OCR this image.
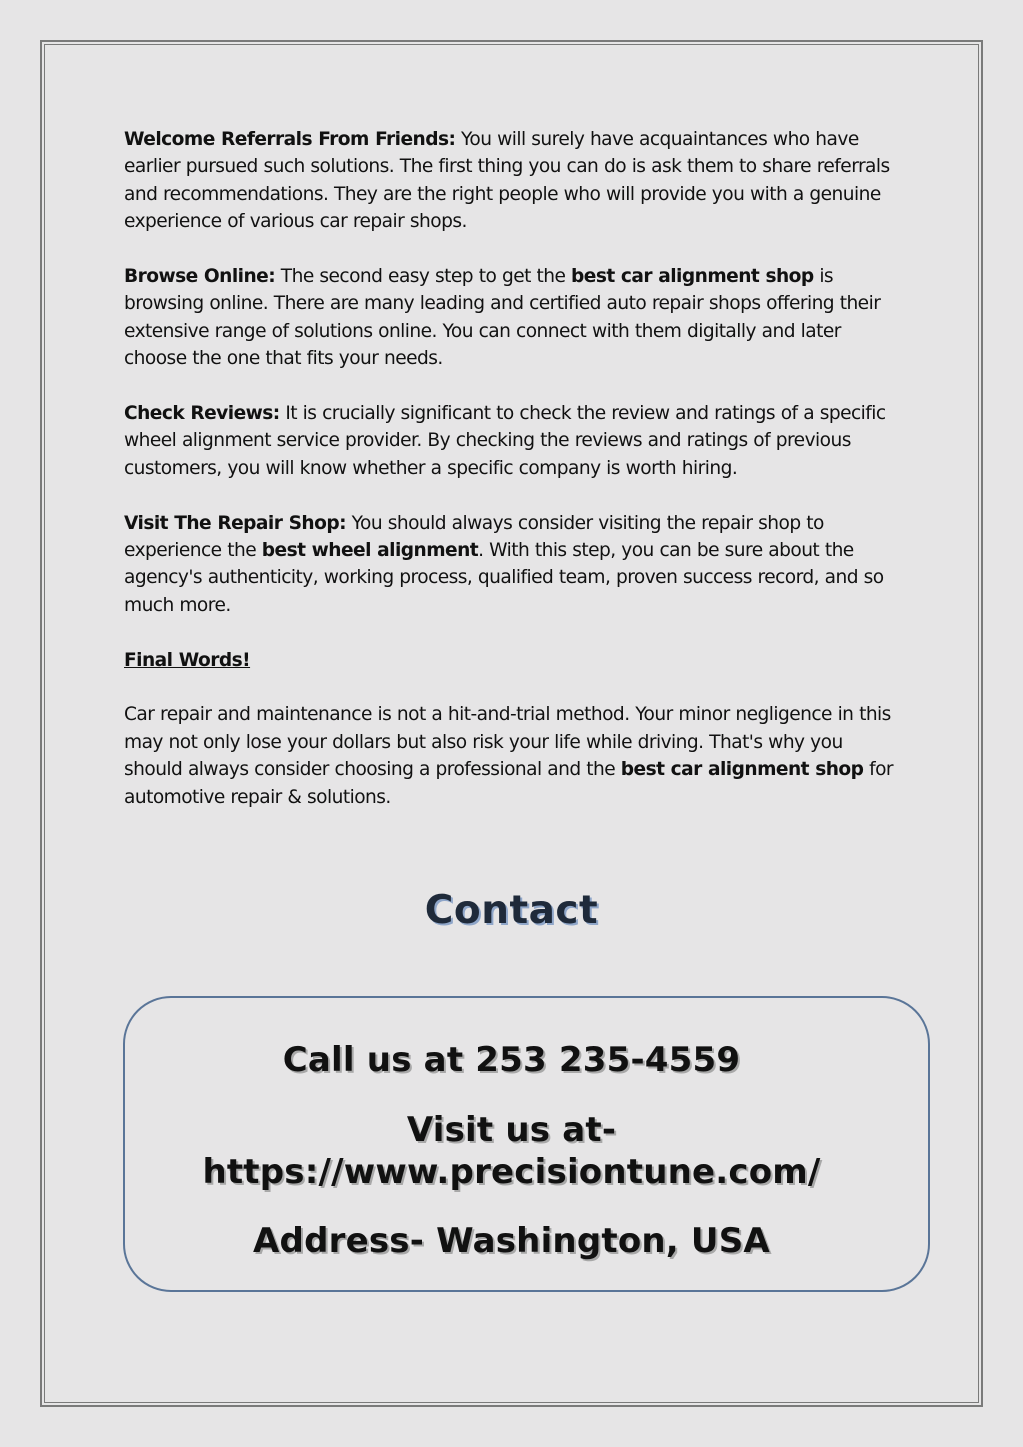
Welcome Referrals From Friends: You will surely have acquaintances who have earlier pursued such solutions. The first thing you can do is ask them to share referrals and recommendations. They are the right people who will provide you with a genuine experience of various car repair shops.

Browse Online: The second easy step to get the best car alignment shop is browsing online. There are many leading and certified auto repair shops offering their extensive range of solutions online. You can connect with them digitally and later choose the one that fits your needs.

Check Reviews: It is crucially significant to check the review and ratings of a specific wheel alignment service provider. By checking the reviews and ratings of previous customers, you will know whether a specific company is worth hiring.

Visit The Repair Shop: You should always consider visiting the repair shop to experience the best wheel alignment. With this step, you can be sure about the agency's authenticity, working process, qualified team, proven success record, and so much more.

Final Words!

Car repair and maintenance is not a hit-and-trial method. Your minor negligence in this may not only lose your dollars but also risk your life while driving. That's why you should always consider choosing a professional and the best car alignment shop for automotive repair & solutions.

Contact
Call us at 253 235-4559
Visit us at-
https://www.precisiontune.com/
Address- Washington, USA
